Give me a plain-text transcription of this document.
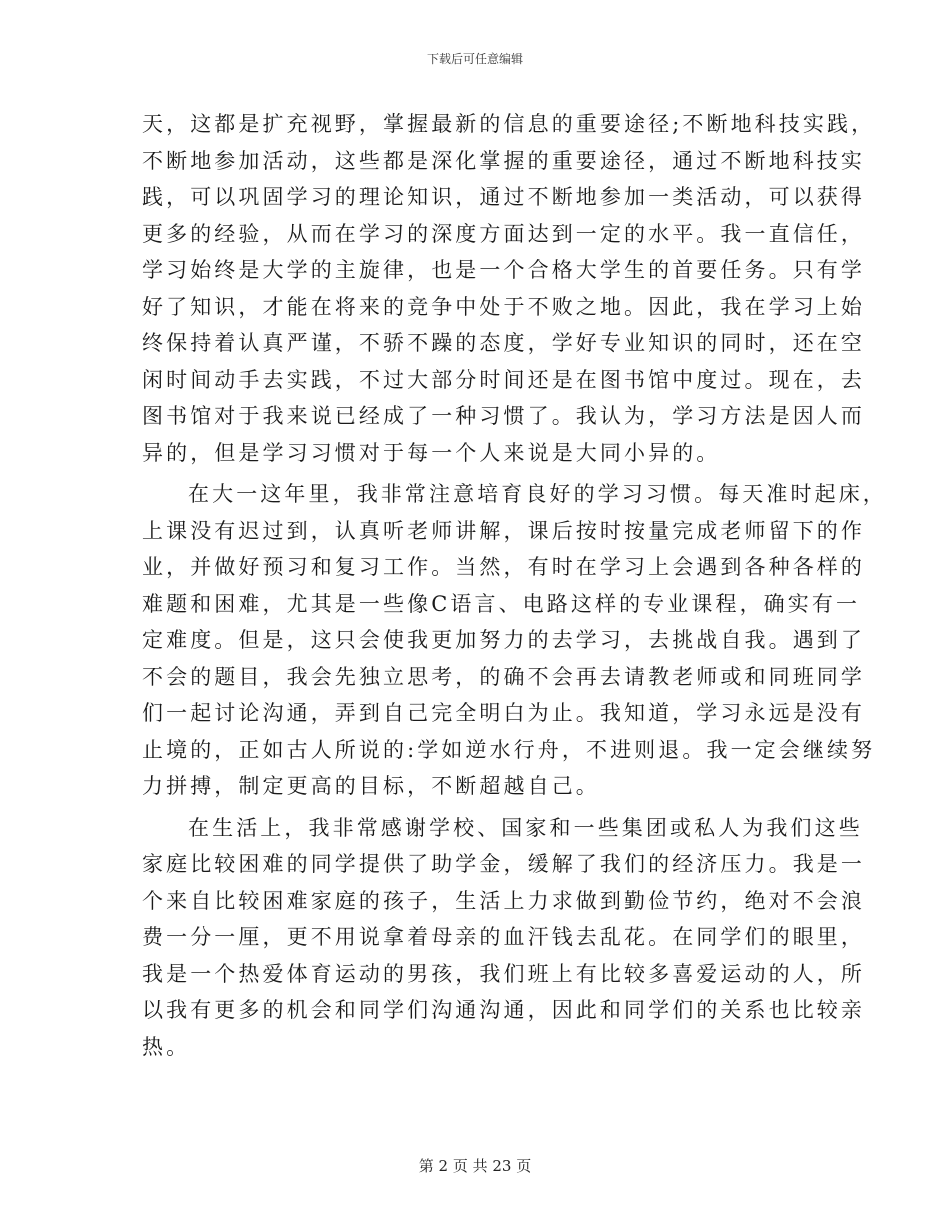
下载后可任意编辑
天，这都是扩充视野，掌握最新的信息的重要途径;不断地科技实践，
不断地参加活动，这些都是深化掌握的重要途径，通过不断地科技实
践，可以巩固学习的理论知识，通过不断地参加一类活动，可以获得
更多的经验，从而在学习的深度方面达到一定的水平。我一直信任，
学习始终是大学的主旋律，也是一个合格大学生的首要任务。只有学
好了知识，才能在将来的竞争中处于不败之地。因此，我在学习上始
终保持着认真严谨，不骄不躁的态度，学好专业知识的同时，还在空
闲时间动手去实践，不过大部分时间还是在图书馆中度过。现在，去
图书馆对于我来说已经成了一种习惯了。我认为，学习方法是因人而
异的，但是学习习惯对于每一个人来说是大同小异的。
在大一这年里，我非常注意培育良好的学习习惯。每天准时起床，
上课没有迟过到，认真听老师讲解，课后按时按量完成老师留下的作
业，并做好预习和复习工作。当然，有时在学习上会遇到各种各样的
难题和困难，尤其是一些像C语言、电路这样的专业课程，确实有一
定难度。但是，这只会使我更加努力的去学习，去挑战自我。遇到了
不会的题目，我会先独立思考，的确不会再去请教老师或和同班同学
们一起讨论沟通，弄到自己完全明白为止。我知道，学习永远是没有
止境的，正如古人所说的:学如逆水行舟，不进则退。我一定会继续努
力拼搏，制定更高的目标，不断超越自己。
在生活上，我非常感谢学校、国家和一些集团或私人为我们这些
家庭比较困难的同学提供了助学金，缓解了我们的经济压力。我是一
个来自比较困难家庭的孩子，生活上力求做到勤俭节约，绝对不会浪
费一分一厘，更不用说拿着母亲的血汗钱去乱花。在同学们的眼里，
我是一个热爱体育运动的男孩，我们班上有比较多喜爱运动的人，所
以我有更多的机会和同学们沟通沟通，因此和同学们的关系也比较亲
热。
第 2 页 共 23 页
